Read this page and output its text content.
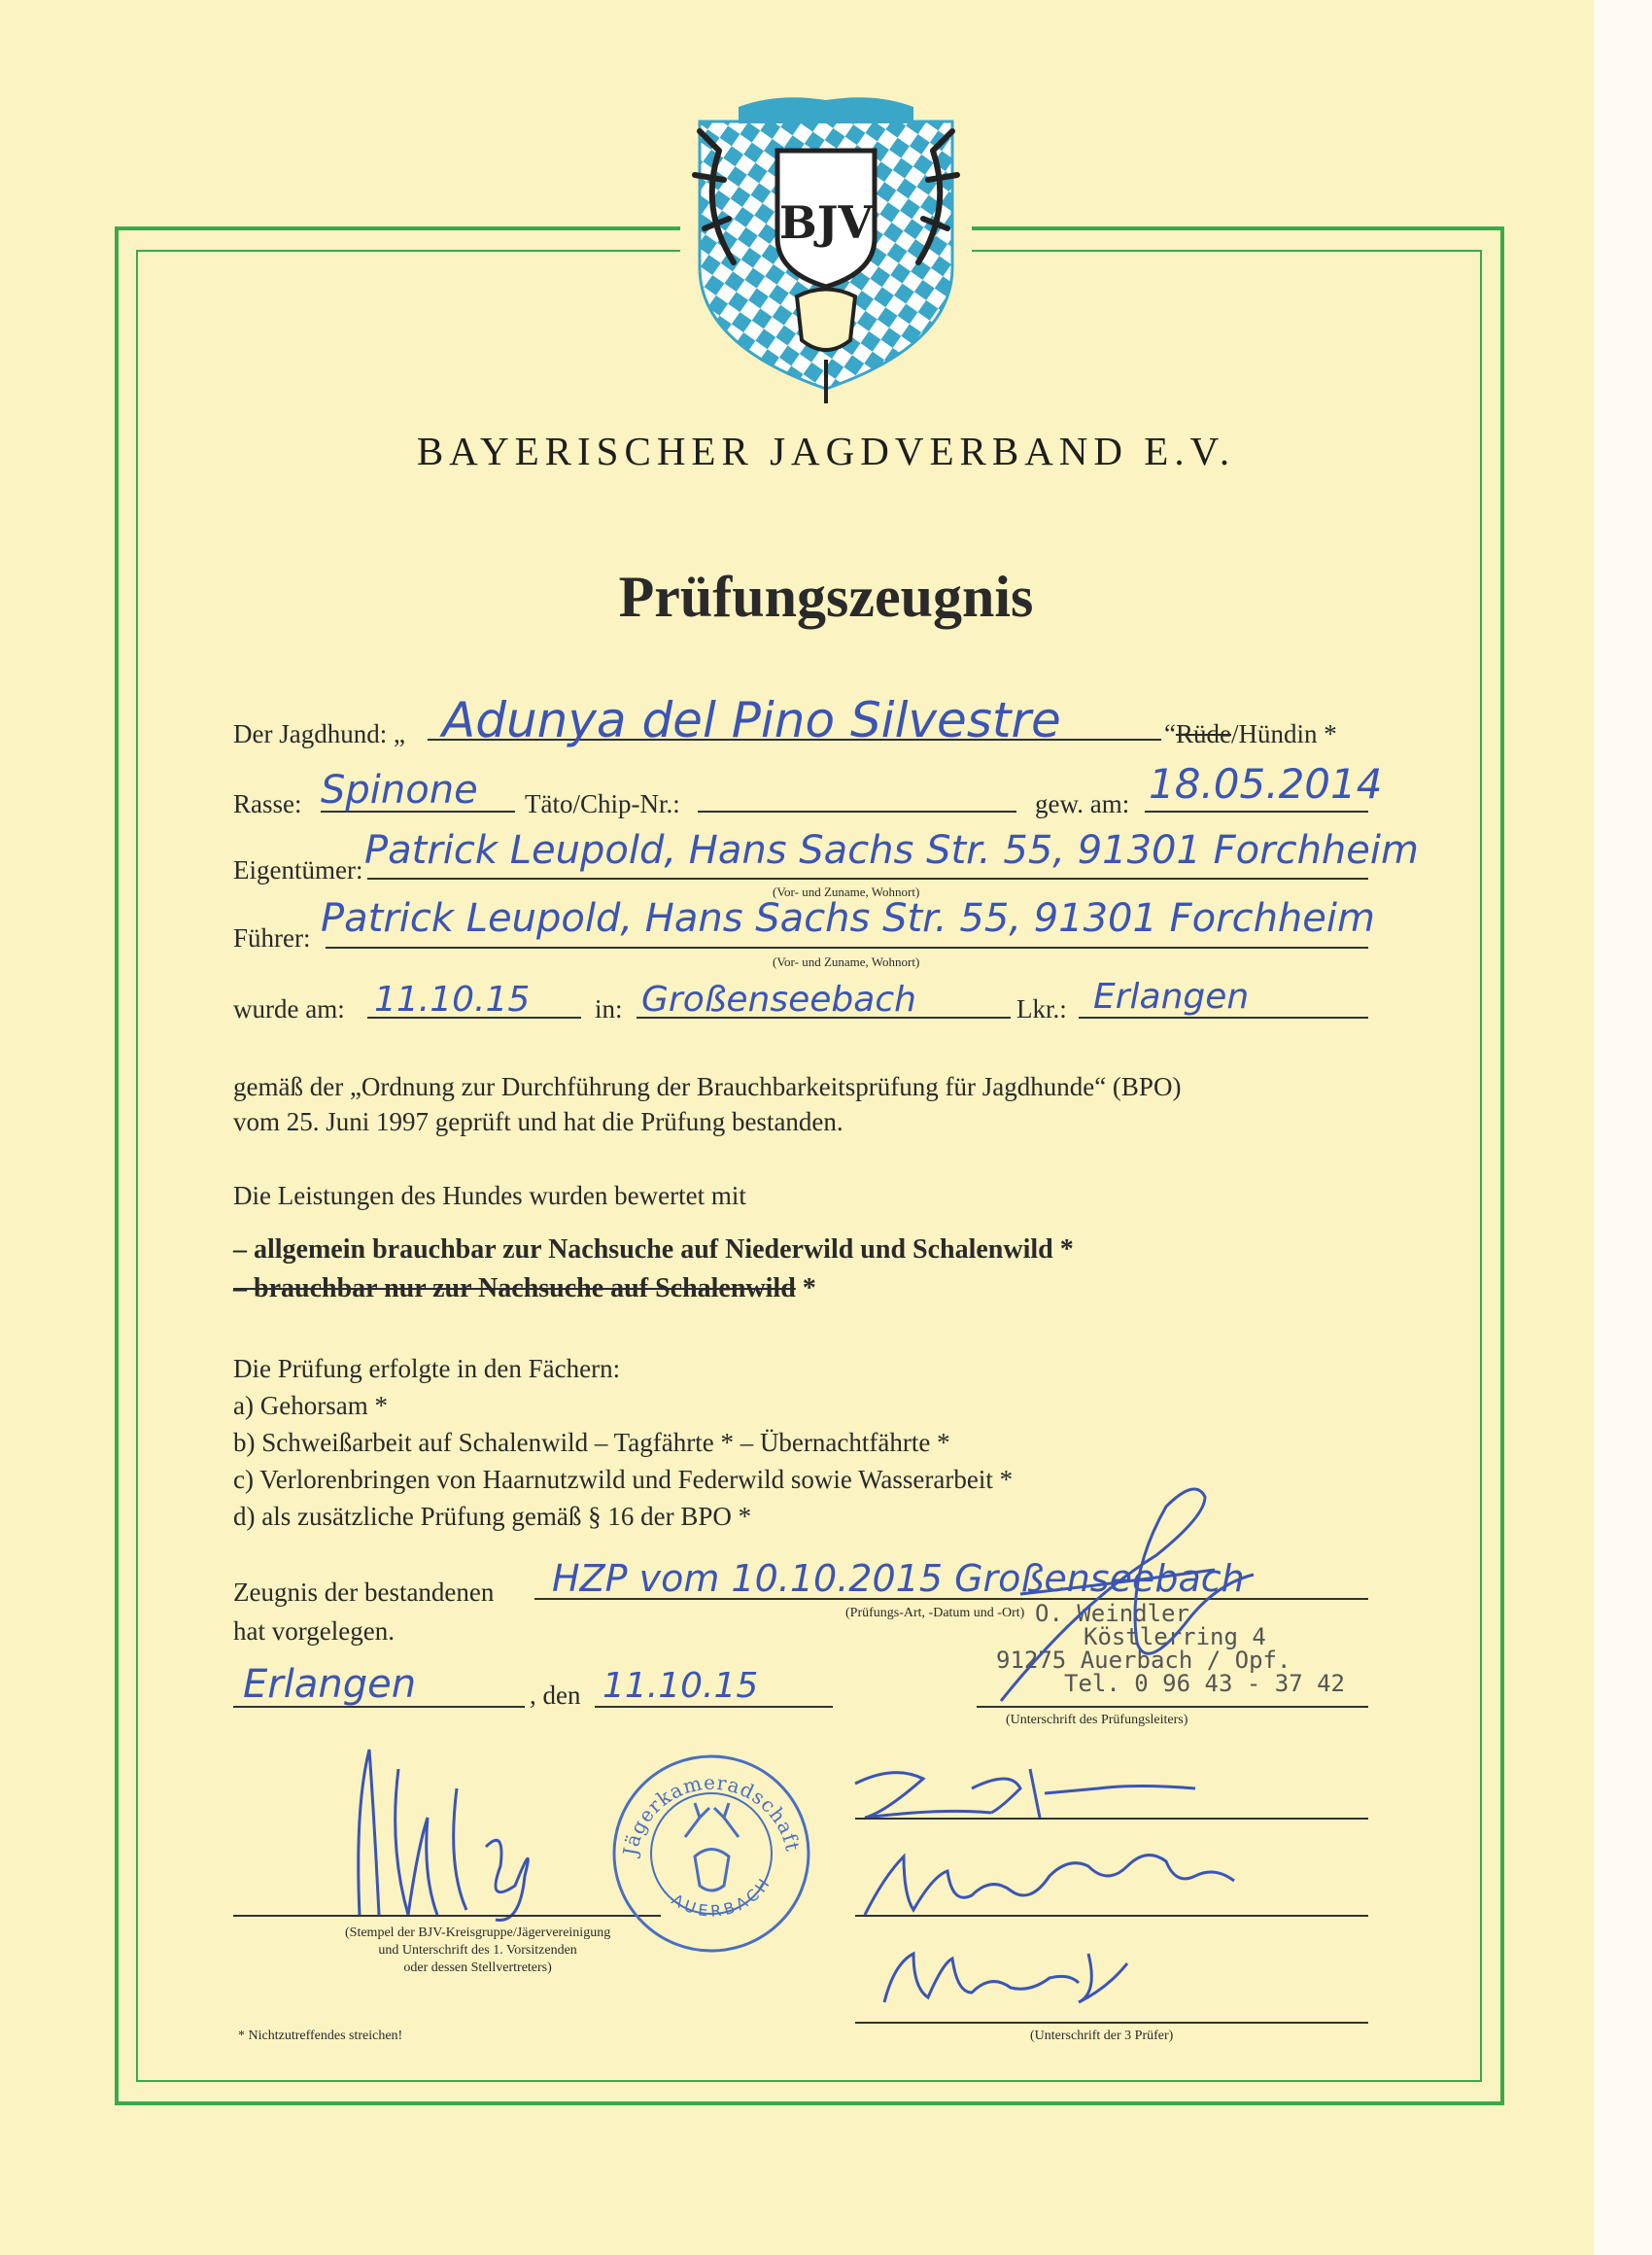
BJV
BAYERISCHER JAGDVERBAND E.V.
Prüfungszeugnis
Der Jagdhund: „ Adunya del Pino Silvestre	“Rüde/Hündin *
Rasse: Spinone Täto/Chip-Nr.:	gew. am: 18.05.2014
Eigentümer: Patrick Leupold, Hans Sachs Str. 55, 91301 Forchheim
(Vor- und Zuname, Wohnort)
Führer: Patrick Leupold, Hans Sachs Str. 55, 91301 Forchheim
(Vor- und Zuname, Wohnort)
wurde am: 11.10.15 in: Großenseebach	Lkr.: Erlangen
gemäß der „Ordnung zur Durchführung der Brauchbarkeitsprüfung für Jagdhunde“ (BPO)
vom 25. Juni 1997 geprüft und hat die Prüfung bestanden.
Die Leistungen des Hundes wurden bewertet mit
– allgemein brauchbar zur Nachsuche auf Niederwild und Schalenwild *
– brauchbar nur zur Nachsuche auf Schalenwild *
Die Prüfung erfolgte in den Fächern:
a) Gehorsam *
b) Schweißarbeit auf Schalenwild – Tagfährte * – Übernachtfährte *
c) Verlorenbringen von Haarnutzwild und Federwild sowie Wasserarbeit *
d) als zusätzliche Prüfung gemäß § 16 der BPO *
Zeugnis der bestandenen HZP vom 10.10.2015 Großenseebach
(Prüfungs-Art, -Datum und -Ort)
hat vorgelegen.
O. Weindler
Köstlerring 4
91275 Auerbach / Opf.
Tel. 0 96 43 - 37 42
Erlangen	, den 11.10.15
(Unterschrift des Prüfungsleiters)
(Stempel der BJV-Kreisgruppe/Jägervereinigung
und Unterschrift des 1. Vorsitzenden
oder dessen Stellvertreters)
(Unterschrift der 3 Prüfer)
* Nichtzutreffendes streichen!
Jägerkameradschaft
AUERBACH
